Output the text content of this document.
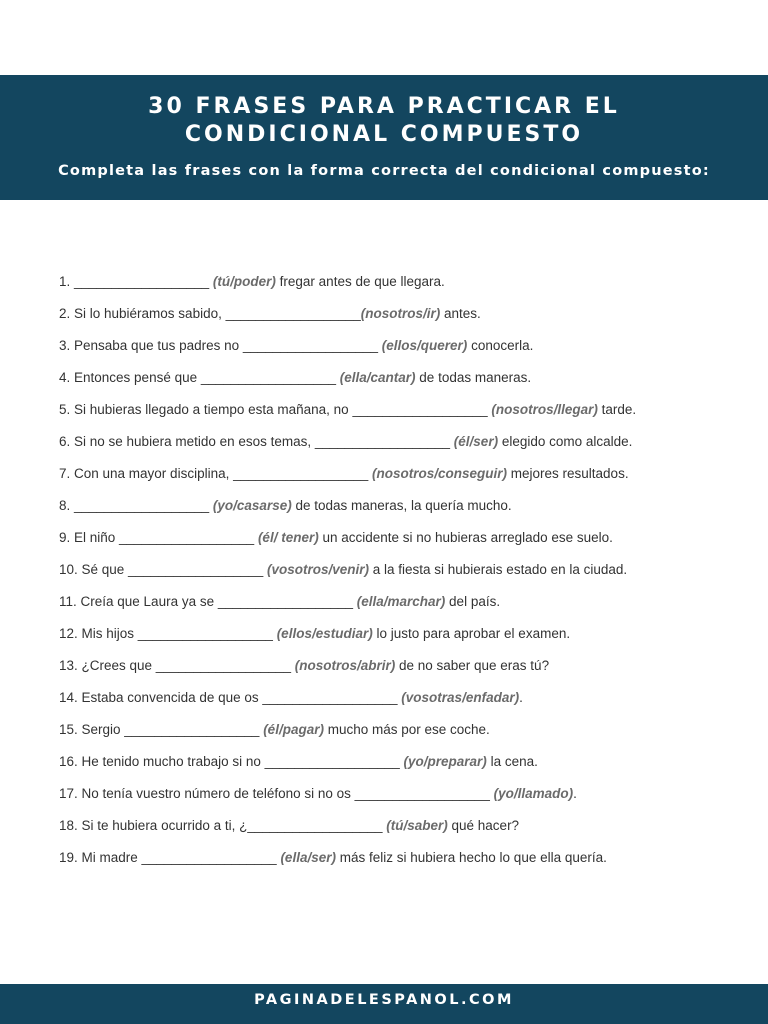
30 FRASES PARA PRACTICAR EL
CONDICIONAL COMPUESTO

Completa las frases con la forma correcta del condicional compuesto:

1. __________________ (tú/poder) fregar antes de que llegara.
2. Si lo hubiéramos sabido, __________________(nosotros/ir) antes.
3. Pensaba que tus padres no __________________ (ellos/querer) conocerla.
4. Entonces pensé que __________________ (ella/cantar) de todas maneras.
5. Si hubieras llegado a tiempo esta mañana, no __________________ (nosotros/llegar) tarde.
6. Si no se hubiera metido en esos temas, __________________ (él/ser) elegido como alcalde.
7. Con una mayor disciplina, __________________ (nosotros/conseguir) mejores resultados.
8. __________________ (yo/casarse) de todas maneras, la quería mucho.
9. El niño __________________ (él/ tener) un accidente si no hubieras arreglado ese suelo.
10. Sé que __________________ (vosotros/venir) a la fiesta si hubierais estado en la ciudad.
11. Creía que Laura ya se __________________ (ella/marchar) del país.
12. Mis hijos __________________ (ellos/estudiar) lo justo para aprobar el examen.
13. ¿Crees que __________________ (nosotros/abrir) de no saber que eras tú?
14. Estaba convencida de que os __________________ (vosotras/enfadar).
15. Sergio __________________ (él/pagar) mucho más por ese coche.
16. He tenido mucho trabajo si no __________________ (yo/preparar) la cena.
17. No tenía vuestro número de teléfono si no os __________________ (yo/llamado).
18. Si te hubiera ocurrido a ti, ¿__________________ (tú/saber) qué hacer?
19. Mi madre __________________ (ella/ser) más feliz si hubiera hecho lo que ella quería.
PAGINADELESPANOL.COM
